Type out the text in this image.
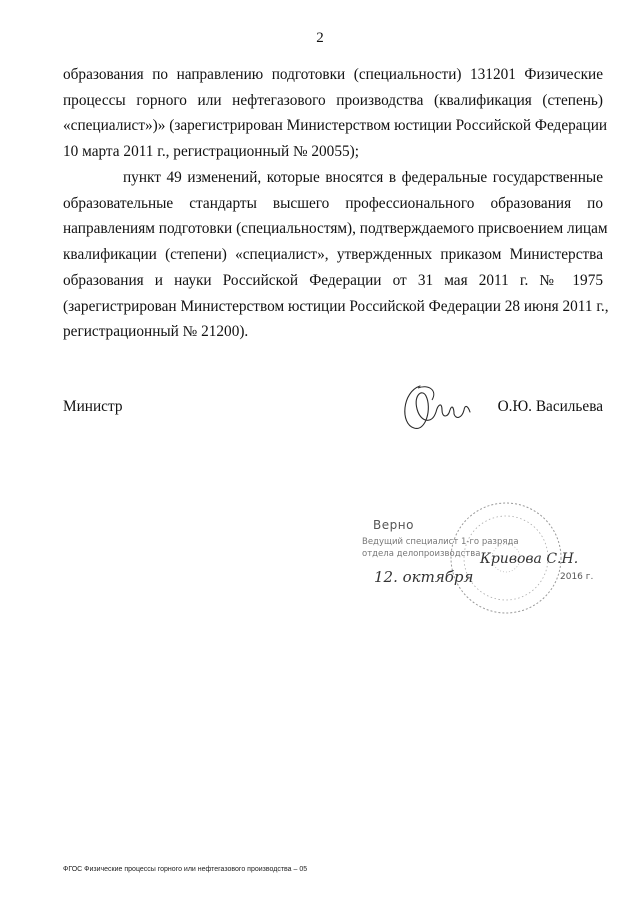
2
образования по направлению подготовки (специальности) 131201 Физические
процессы горного или нефтегазового производства (квалификация (степень)
«специалист»)» (зарегистрирован Министерством юстиции Российской Федерации
10 марта 2011 г., регистрационный № 20055);
пункт 49 изменений, которые вносятся в федеральные государственные
образовательные стандарты высшего профессионального образования по
направлениям подготовки (специальностям), подтверждаемого присвоением лицам
квалификации (степени) «специалист», утвержденных приказом Министерства
образования и науки Российской Федерации от 31 мая 2011 г. № 1975
(зарегистрирован Министерством юстиции Российской Федерации 28 июня 2011 г.,
регистрационный № 21200).
Министр	О.Ю. Васильева
Верно
Ведущий специалист 1-го разряда
отдела делопроизводства Кривова С.Н.
12. октября	2016 г.
ФГОС Физические процессы горного или нефтегазового производства – 05
